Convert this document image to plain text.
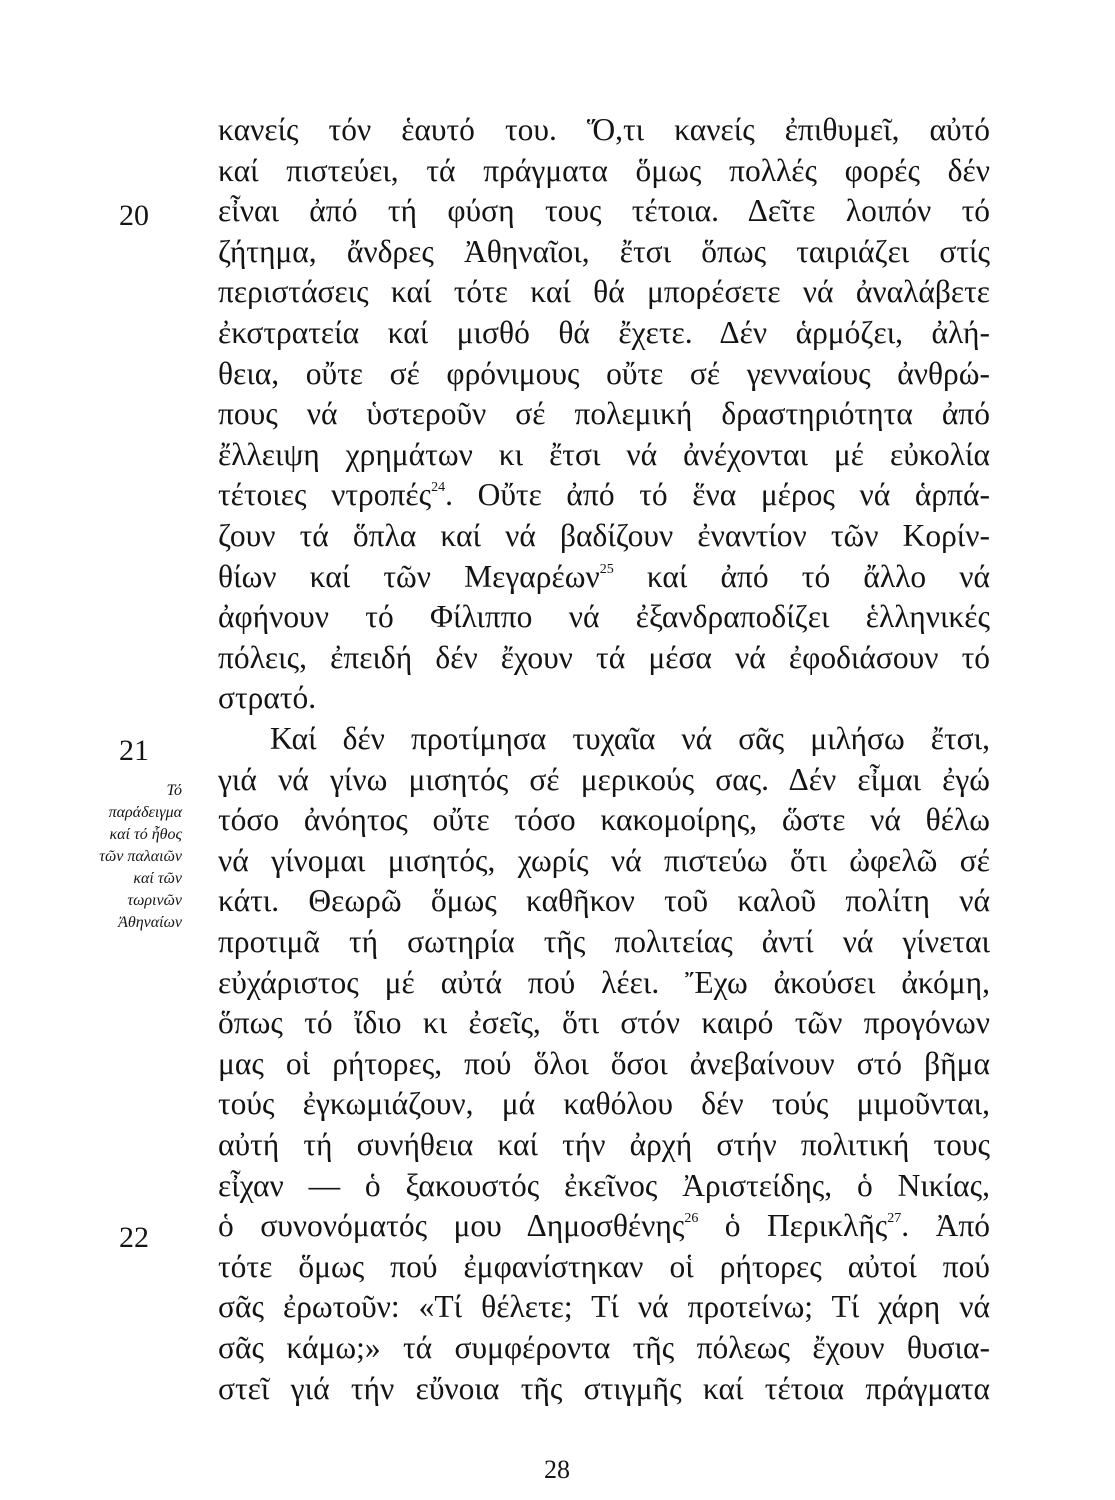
κανείς τόν ἑαυτό του. Ὅ,τι κανείς ἐπιθυμεῖ, αὐτό
καί πιστεύει, τά πράγματα ὅμως πολλές φορές δέν
εἶναι ἀπό τή φύση τους τέτοια. Δεῖτε λοιπόν τό
ζήτημα, ἄνδρες Ἀθηναῖοι, ἔτσι ὅπως ταιριάζει στίς
περιστάσεις καί τότε καί θά μπορέσετε νά ἀναλάβετε
ἐκστρατεία καί μισθό θά ἔχετε. Δέν ἁρμόζει, ἀλή-
θεια, οὔτε σέ φρόνιμους οὔτε σέ γενναίους ἀνθρώ-
πους νά ὑστεροῦν σέ πολεμική δραστηριότητα ἀπό
ἔλλειψη χρημάτων κι ἔτσι νά ἀνέχονται μέ εὐκολία
τέτοιες ντροπές$^{24}$. Οὔτε ἀπό τό ἕνα μέρος νά ἁρπά-
ζουν τά ὅπλα καί νά βαδίζουν ἐναντίον τῶν Κορίν-
θίων καί τῶν Μεγαρέων$^{25}$ καί ἀπό τό ἄλλο νά
ἀφήνουν τό Φίλιππο νά ἐξανδραποδίζει ἑλληνικές
πόλεις, ἐπειδή δέν ἔχουν τά μέσα νά ἐφοδιάσουν τό
στρατό.
Καί δέν προτίμησα τυχαῖα νά σᾶς μιλήσω ἔτσι,
γιά νά γίνω μισητός σέ μερικούς σας. Δέν εἶμαι ἐγώ
τόσο ἀνόητος οὔτε τόσο κακομοίρης, ὥστε νά θέλω
νά γίνομαι μισητός, χωρίς νά πιστεύω ὅτι ὠφελῶ σέ
κάτι. Θεωρῶ ὅμως καθῆκον τοῦ καλοῦ πολίτη νά
προτιμᾶ τή σωτηρία τῆς πολιτείας ἀντί νά γίνεται
εὐχάριστος μέ αὐτά πού λέει. Ἔχω ἀκούσει ἀκόμη,
ὅπως τό ἴδιο κι ἐσεῖς, ὅτι στόν καιρό τῶν προγόνων
μας οἱ ρήτορες, πού ὅλοι ὅσοι ἀνεβαίνουν στό βῆμα
τούς ἐγκωμιάζουν, μά καθόλου δέν τούς μιμοῦνται,
αὐτή τή συνήθεια καί τήν ἀρχή στήν πολιτική τους
εἶχαν — ὁ ξακουστός ἐκεῖνος Ἀριστείδης, ὁ Νικίας,
ὁ συνονόματός μου Δημοσθένης$^{26}$ ὁ Περικλῆς$^{27}$. Ἀπό
τότε ὅμως πού ἐμφανίστηκαν οἱ ρήτορες αὐτοί πού
σᾶς ἐρωτοῦν: «Τί θέλετε; Τί νά προτείνω; Τί χάρη νά
σᾶς κάμω;» τά συμφέροντα τῆς πόλεως ἔχουν θυσια-
στεῖ γιά τήν εὔνοια τῆς στιγμῆς καί τέτοια πράγματα
20
21
22
Τό
παράδειγμα
καί τό ἦθος
τῶν παλαιῶν
καί τῶν
τωρινῶν
Ἀθηναίων
28
